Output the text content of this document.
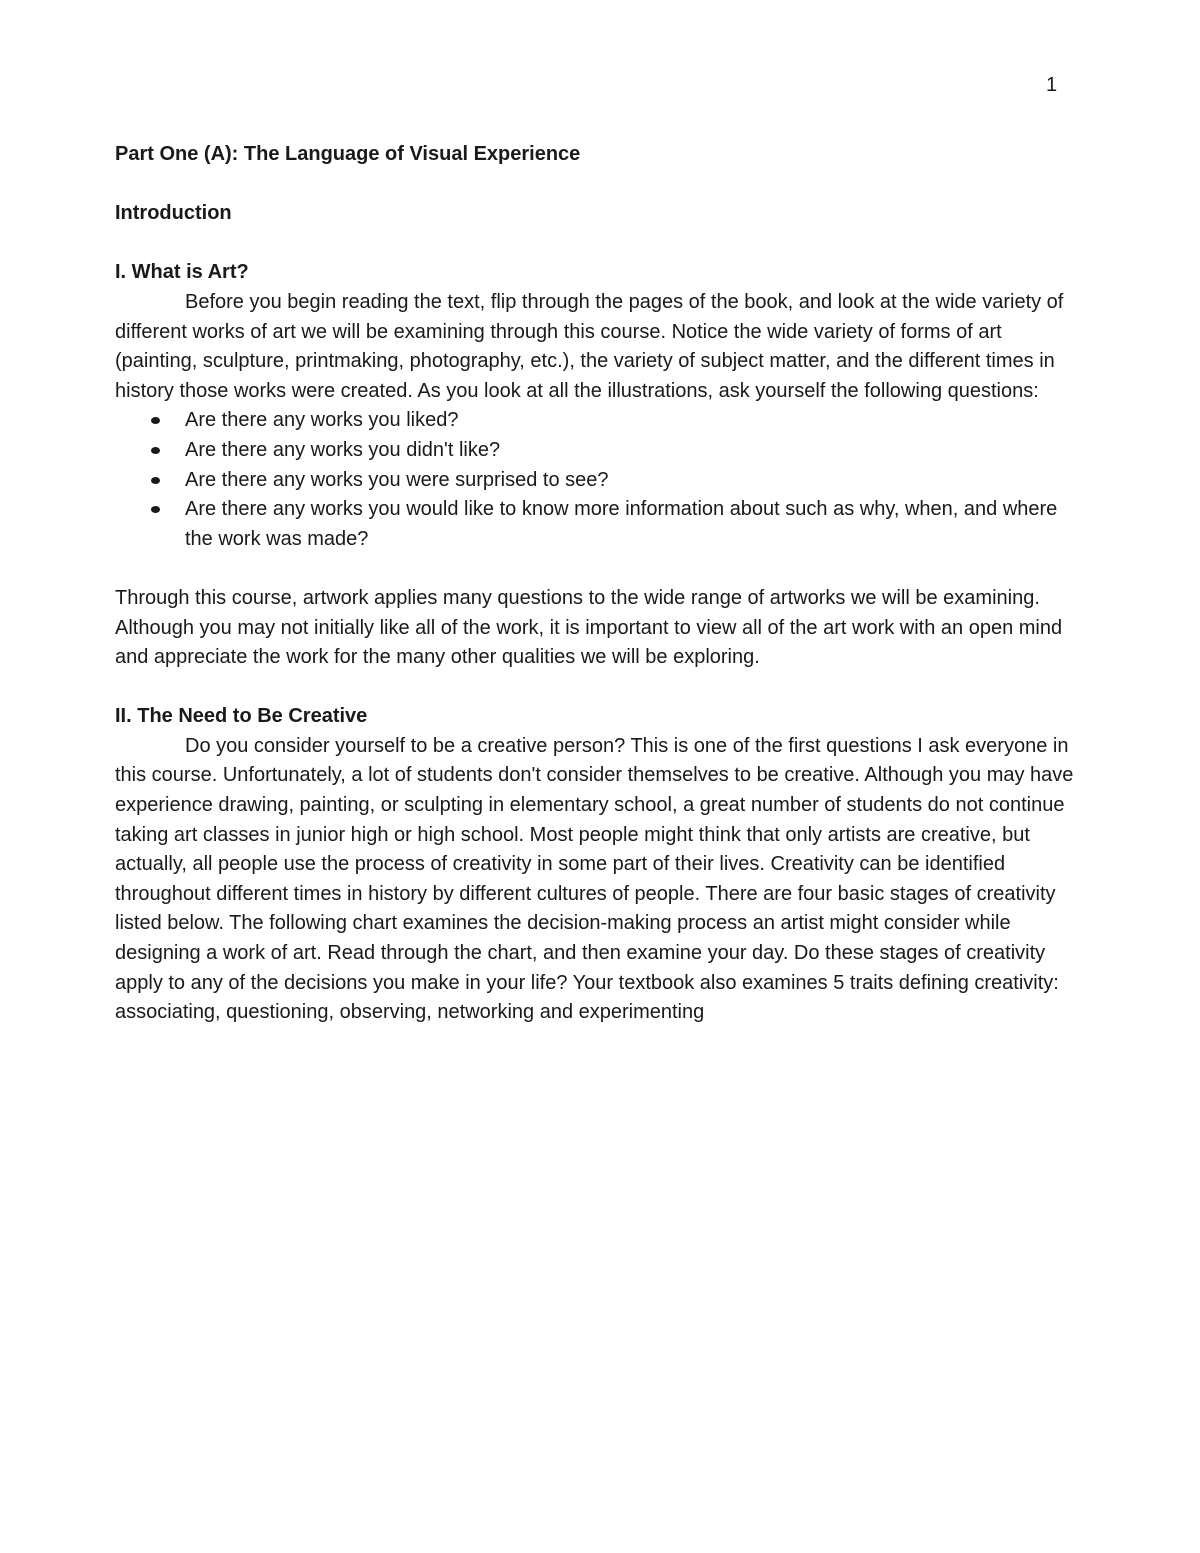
1

Part One (A): The Language of Visual Experience

Introduction

I. What is Art?

Before you begin reading the text, flip through the pages of the book, and look at the wide variety of different works of art we will be examining through this course. Notice the wide variety of forms of art (painting, sculpture, printmaking, photography, etc.), the variety of subject matter, and the different times in history those works were created. As you look at all the illustrations, ask yourself the following questions:

Are there any works you liked?
Are there any works you didn't like?
Are there any works you were surprised to see?
Are there any works you would like to know more information about such as why, when, and where the work was made?

Through this course, artwork applies many questions to the wide range of artworks we will be examining. Although you may not initially like all of the work, it is important to view all of the art work with an open mind and appreciate the work for the many other qualities we will be exploring.

II. The Need to Be Creative

Do you consider yourself to be a creative person? This is one of the first questions I ask everyone in this course. Unfortunately, a lot of students don't consider themselves to be creative. Although you may have experience drawing, painting, or sculpting in elementary school, a great number of students do not continue taking art classes in junior high or high school. Most people might think that only artists are creative, but actually, all people use the process of creativity in some part of their lives. Creativity can be identified throughout different times in history by different cultures of people. There are four basic stages of creativity listed below. The following chart examines the decision-making process an artist might consider while designing a work of art. Read through the chart, and then examine your day. Do these stages of creativity apply to any of the decisions you make in your life? Your textbook also examines 5 traits defining creativity: associating, questioning, observing, networking and experimenting
